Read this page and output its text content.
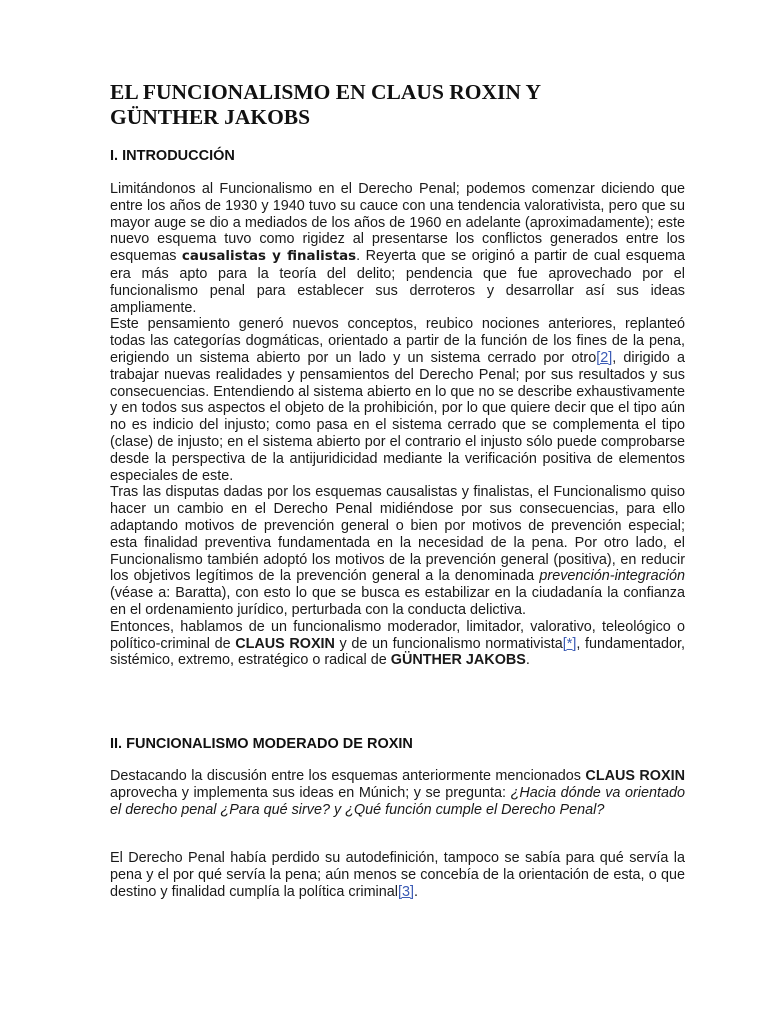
EL FUNCIONALISMO EN CLAUS ROXIN Y
GÜNTHER JAKOBS
I. INTRODUCCIÓN

Limitándonos al Funcionalismo en el Derecho Penal; podemos comenzar diciendo que entre los años de 1930 y 1940 tuvo su cauce con una tendencia valorativista, pero que su mayor auge se dio a mediados de los años de 1960 en adelante (aproximadamente); este nuevo esquema tuvo como rigidez al presentarse los conflictos generados entre los esquemas causalistas y finalistas. Reyerta que se originó a partir de cual esquema era más apto para la teoría del delito; pendencia que fue aprovechado por el funcionalismo penal para establecer sus derroteros y desarrollar así sus ideas ampliamente.

Este pensamiento generó nuevos conceptos, reubico nociones anteriores, replanteó todas las categorías dogmáticas, orientado a partir de la función de los fines de la pena, erigiendo un sistema abierto por un lado y un sistema cerrado por otro[2], dirigido a trabajar nuevas realidades y pensamientos del Derecho Penal; por sus resultados y sus consecuencias. Entendiendo al sistema abierto en lo que no se describe exhaustivamente y en todos sus aspectos el objeto de la prohibición, por lo que quiere decir que el tipo aún no es indicio del injusto; como pasa en el sistema cerrado que se complementa el tipo (clase) de injusto; en el sistema abierto por el contrario el injusto sólo puede comprobarse desde la perspectiva de la antijuridicidad mediante la verificación positiva de elementos especiales de este.

Tras las disputas dadas por los esquemas causalistas y finalistas, el Funcionalismo quiso hacer un cambio en el Derecho Penal midiéndose por sus consecuencias, para ello adaptando motivos de prevención general o bien por motivos de prevención especial; esta finalidad preventiva fundamentada en la necesidad de la pena. Por otro lado, el Funcionalismo también adoptó los motivos de la prevención general (positiva), en reducir los objetivos legítimos de la prevención general a la denominada prevención-integración (véase a: Baratta), con esto lo que se busca es estabilizar en la ciudadanía la confianza en el ordenamiento jurídico, perturbada con la conducta delictiva.

Entonces, hablamos de un funcionalismo moderador, limitador, valorativo, teleológico o político-criminal de CLAUS ROXIN y de un funcionalismo normativista[*], fundamentador, sistémico, extremo, estratégico o radical de GÜNTHER JAKOBS.

II. FUNCIONALISMO MODERADO DE ROXIN

Destacando la discusión entre los esquemas anteriormente mencionados CLAUS ROXIN aprovecha y implementa sus ideas en Múnich; y se pregunta: ¿Hacia dónde va orientado el derecho penal ¿Para qué sirve? y ¿Qué función cumple el Derecho Penal?

El Derecho Penal había perdido su autodefinición, tampoco se sabía para qué servía la pena y el por qué servía la pena; aún menos se concebía de la orientación de esta, o que destino y finalidad cumplía la política criminal[3].
